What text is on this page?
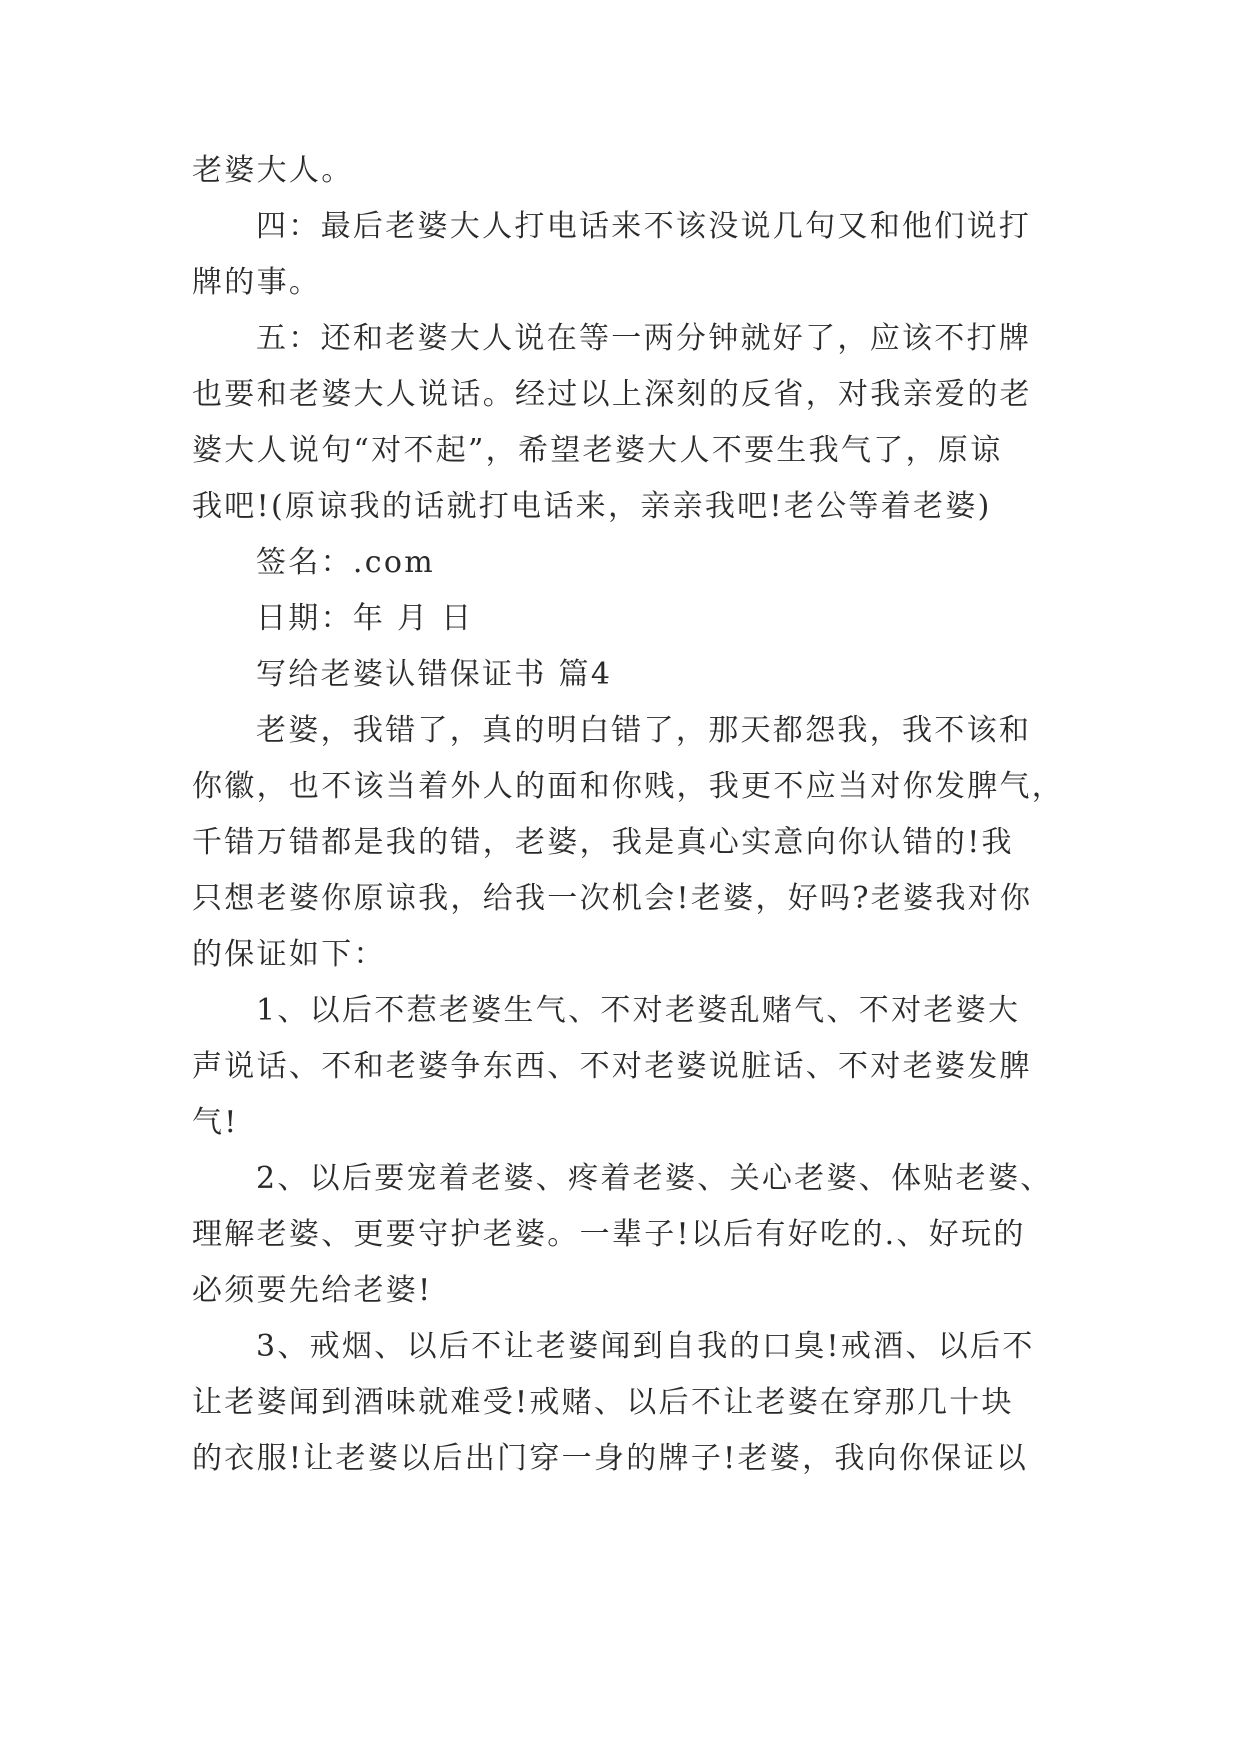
老婆大人。
四：最后老婆大人打电话来不该没说几句又和他们说打
牌的事。
五：还和老婆大人说在等一两分钟就好了，应该不打牌
也要和老婆大人说话。经过以上深刻的反省，对我亲爱的老
婆大人说句“对不起”，希望老婆大人不要生我气了，原谅
我吧!(原谅我的话就打电话来，亲亲我吧!老公等着老婆)
签名：.com
日期：年 月 日
写给老婆认错保证书 篇4
老婆，我错了，真的明白错了，那天都怨我，我不该和
你徽，也不该当着外人的面和你贱，我更不应当对你发脾气，
千错万错都是我的错，老婆，我是真心实意向你认错的!我
只想老婆你原谅我，给我一次机会!老婆，好吗?老婆我对你
的保证如下：
1、以后不惹老婆生气、不对老婆乱赌气、不对老婆大
声说话、不和老婆争东西、不对老婆说脏话、不对老婆发脾
气!
2、以后要宠着老婆、疼着老婆、关心老婆、体贴老婆、
理解老婆、更要守护老婆。一辈子!以后有好吃的.、好玩的
必须要先给老婆!
3、戒烟、以后不让老婆闻到自我的口臭!戒酒、以后不
让老婆闻到酒味就难受!戒赌、以后不让老婆在穿那几十块
的衣服!让老婆以后出门穿一身的牌子!老婆，我向你保证以
